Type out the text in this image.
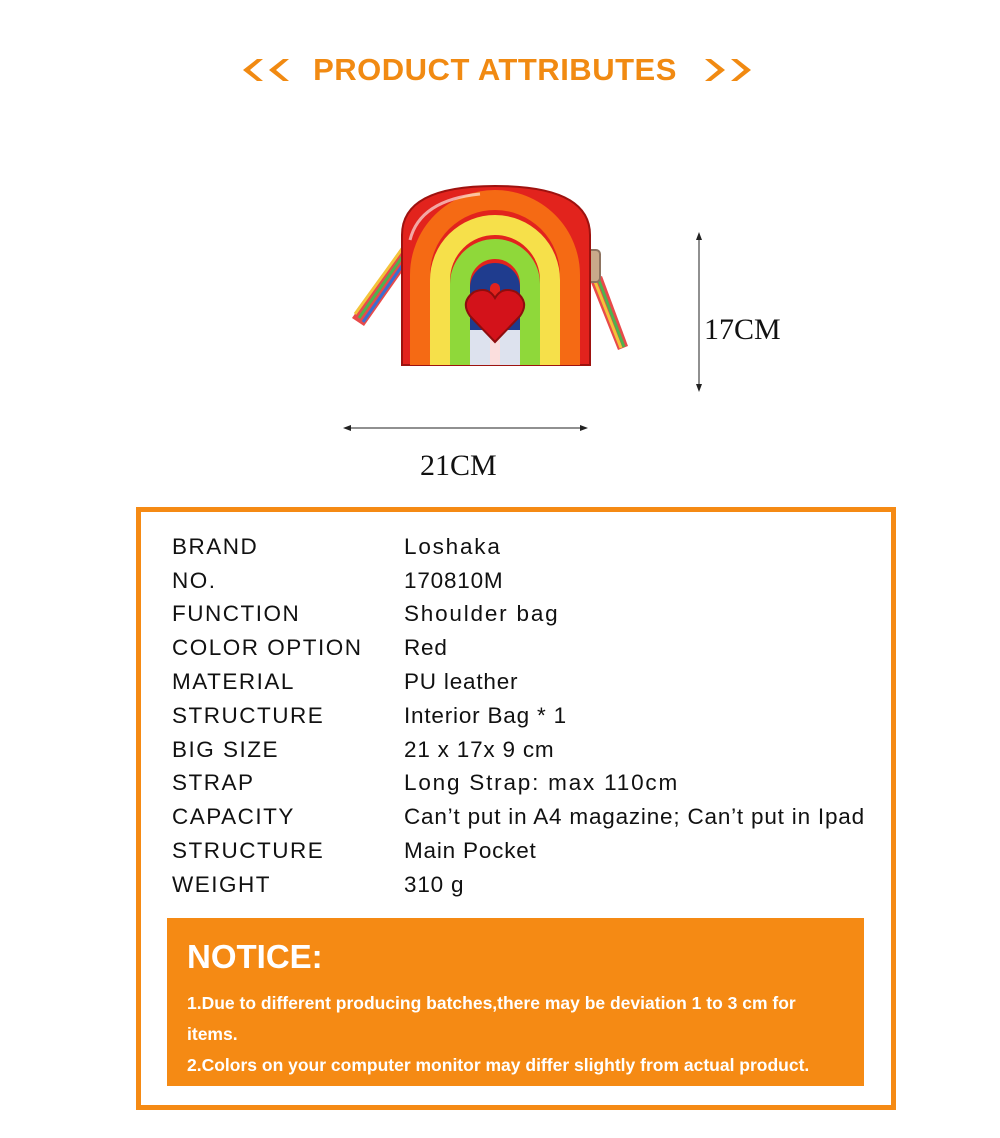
PRODUCT ATTRIBUTES
17CM
21CM
BRAND	Loshaka
NO.	170810M
FUNCTION	Shoulder bag
COLOR OPTION	Red
MATERIAL	PU leather
STRUCTURE	Interior Bag * 1
BIG SIZE	21 x 17x 9 cm
STRAP	Long Strap: max 110cm
CAPACITY	Can’t put in A4 magazine; Can’t put in Ipad
STRUCTURE	Main Pocket
WEIGHT	310 g
NOTICE:
1.Due to different producing batches,there may be deviation 1 to 3 cm for
items.
2.Colors on your computer monitor may differ slightly from actual product.
